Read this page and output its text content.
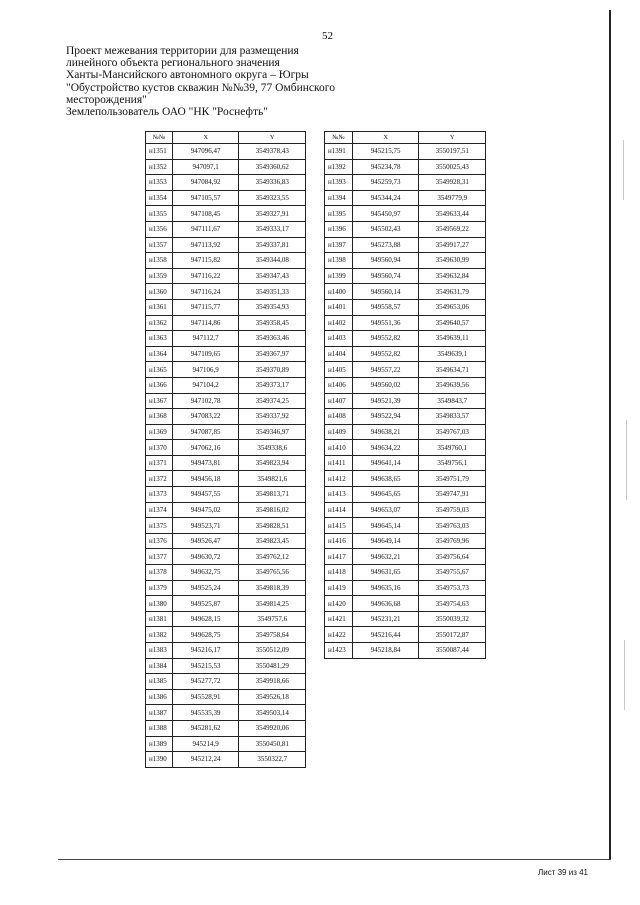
52
Проект межевания территории для размещения
линейного объекта регионального значения
Ханты-Мансийского автономного округа – Югры
"Обустройство кустов скважин №№39, 77 Омбинского
месторождения"
Землепользователь ОАО "НК "Роснефть"
№№	X	Y
н1351	947096,47	3549378,43
н1352	947097,1	3549360,62
н1353	947084,92	3549336,83
н1354	947105,57	3549323,55
н1355	947108,45	3549327,91
н1356	947111,67	3549333,17
н1357	947113,92	3549337,81
н1358	947115,82	3549344,08
н1359	947116,22	3549347,43
н1360	947116,24	3549351,33
н1361	947115,77	3549354,93
н1362	947114,86	3549358,45
н1363	947112,7	3549363,46
н1364	947109,65	3549367,97
н1365	947106,9	3549370,89
н1366	947104,2	3549373,17
н1367	947102,78	3549374,25
н1368	947083,22	3549337,92
н1369	947087,85	3549346,97
н1370	947062,16	3549338,6
н1371	949473,81	3549823,94
н1372	949456,18	3549821,6
н1373	949457,55	3549813,71
н1374	949475,02	3549816,02
н1375	949523,71	3549828,51
н1376	949526,47	3549823,45
н1377	949630,72	3549762,12
н1378	949632,75	3549765,56
н1379	949525,24	3549818,39
н1380	949525,87	3549814,25
н1381	949628,15	3549757,6
н1382	949628,75	3549758,64
н1383	945216,17	3550512,09
н1384	945215,53	3550481,29
н1385	945277,72	3549918,66
н1386	945528,91	3549526,18
н1387	945535,39	3549503,14
н1388	945281,62	3549920,06
н1389	945214,9	3550450,81
н1390	945212,24	3550322,7
№№	X	Y
н1391	945215,75	3550197,51
н1392	945234,78	3550025,43
н1393	945259,73	3549928,31
н1394	945344,24	3549779,9
н1395	945450,97	3549633,44
н1396	945502,43	3549569,22
н1397	945273,88	3549917,27
н1398	949560,94	3549630,99
н1399	949560,74	3549632,84
н1400	949560,14	3549631,79
н1401	949558,57	3549653,06
н1402	949551,36	3549640,57
н1403	949552,82	3549639,11
н1404	949552,82	3549639,1
н1405	949557,22	3549634,71
н1406	949560,02	3549639,56
н1407	949521,39	3549843,7
н1408	949522,94	3549833,57
н1409	949638,21	3549767,03
н1410	949634,22	3549760,1
н1411	949641,14	3549756,1
н1412	949638,65	3549751,79
н1413	949645,65	3549747,91
н1414	949653,07	3549759,03
н1415	949645,14	3549763,03
н1416	949649,14	3549769,96
н1417	949632,21	3549756,64
н1418	949631,65	3549755,67
н1419	949635,16	3549753,73
н1420	949636,68	3549754,63
н1421	945231,21	3550039,32
н1422	945216,44	3550172,87
н1423	945218,84	3550087,44
Лист 39 из 41
